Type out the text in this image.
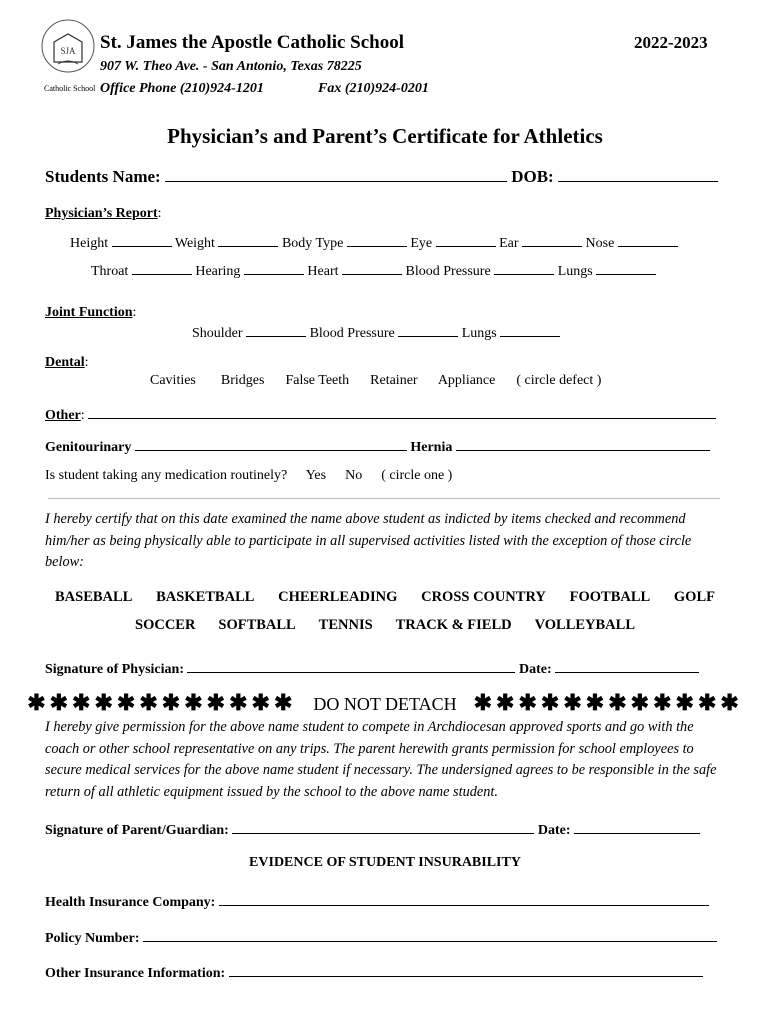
SJA
Catholic School
St. James the Apostle Catholic School	2022-2023
907 W. Theo Ave. - San Antonio, Texas 78225
Office Phone (210)924-1201	Fax (210)924-0201
Physician’s and Parent’s Certificate for Athletics
Students Name:	DOB:
Physician’s Report:
Height	Weight	Body Type	Eye	Ear	Nose
Throat	Hearing	Heart	Blood Pressure	Lungs
Joint Function:
Shoulder	Blood Pressure	Lungs
Dental:
Cavities Bridges False Teeth Retainer Appliance ( circle defect )
Other:
Genitourinary	Hernia
Is student taking any medication routinely? Yes No ( circle one )
I hereby certify that on this date examined the name above student as indicted by items checked and recommend him/her as being physically able to participate in all supervised activities listed with the exception of those circle below:
BASEBALL BASKETBALL CHEERLEADING CROSS COUNTRY FOOTBALL GOLF
SOCCER SOFTBALL TENNIS TRACK & FIELD VOLLEYBALL
Signature of Physician:	Date:
✱✱✱✱✱✱✱✱✱✱✱✱ DO NOT DETACH ✱✱✱✱✱✱✱✱✱✱✱✱
I hereby give permission for the above name student to compete in Archdiocesan approved sports and go with the coach or other school representative on any trips. The parent herewith grants permission for school employees to secure medical services for the above name student if necessary. The undersigned agrees to be responsible in the safe return of all athletic equipment issued by the school to the above name student.
Signature of Parent/Guardian:	Date:
EVIDENCE OF STUDENT INSURABILITY
Health Insurance Company:
Policy Number:
Other Insurance Information:
